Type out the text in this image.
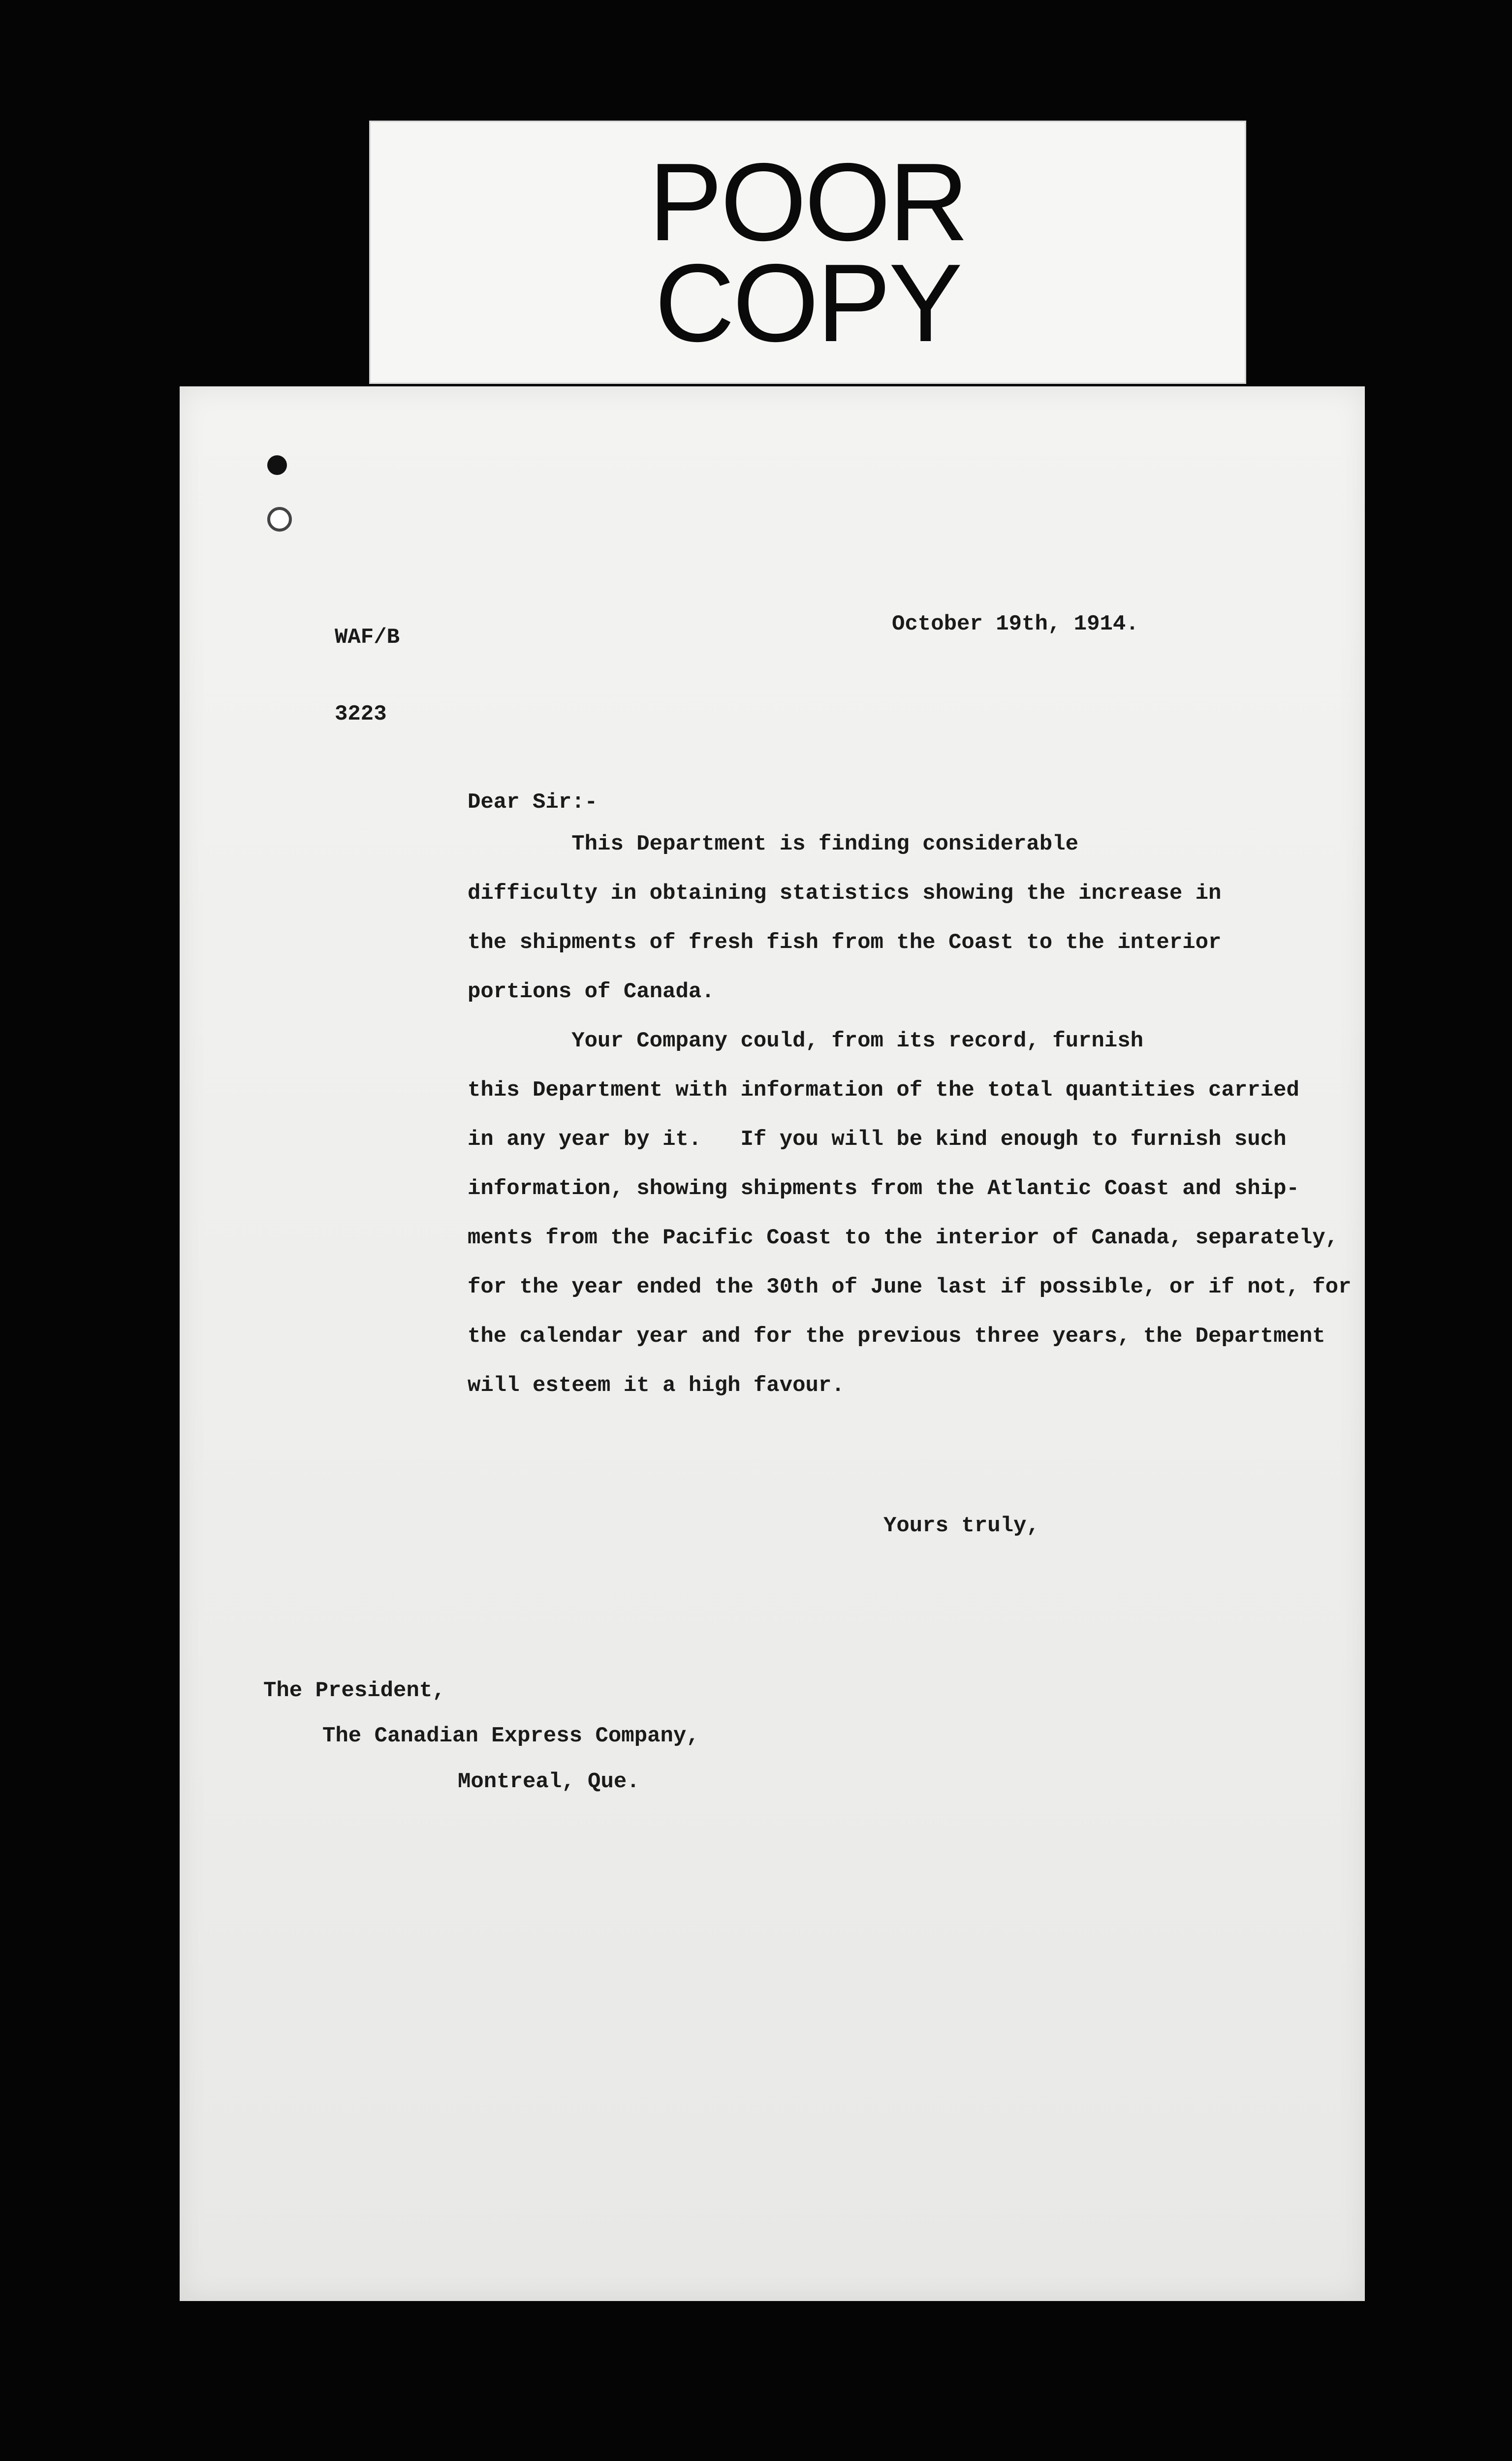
POOR
COPY

WAF/B

3223

October 19th, 1914.
Dear Sir:-
This Department is finding considerable
difficulty in obtaining statistics showing the increase in
the shipments of fresh fish from the Coast to the interior
portions of Canada.
Your Company could, from its record, furnish
this Department with information of the total quantities carried
in any year by it.   If you will be kind enough to furnish such
information, showing shipments from the Atlantic Coast and ship-
ments from the Pacific Coast to the interior of Canada, separately,
for the year ended the 30th of June last if possible, or if not, for
the calendar year and for the previous three years, the Department
will esteem it a high favour.
Yours truly,
The President,
The Canadian Express Company,
Montreal, Que.
